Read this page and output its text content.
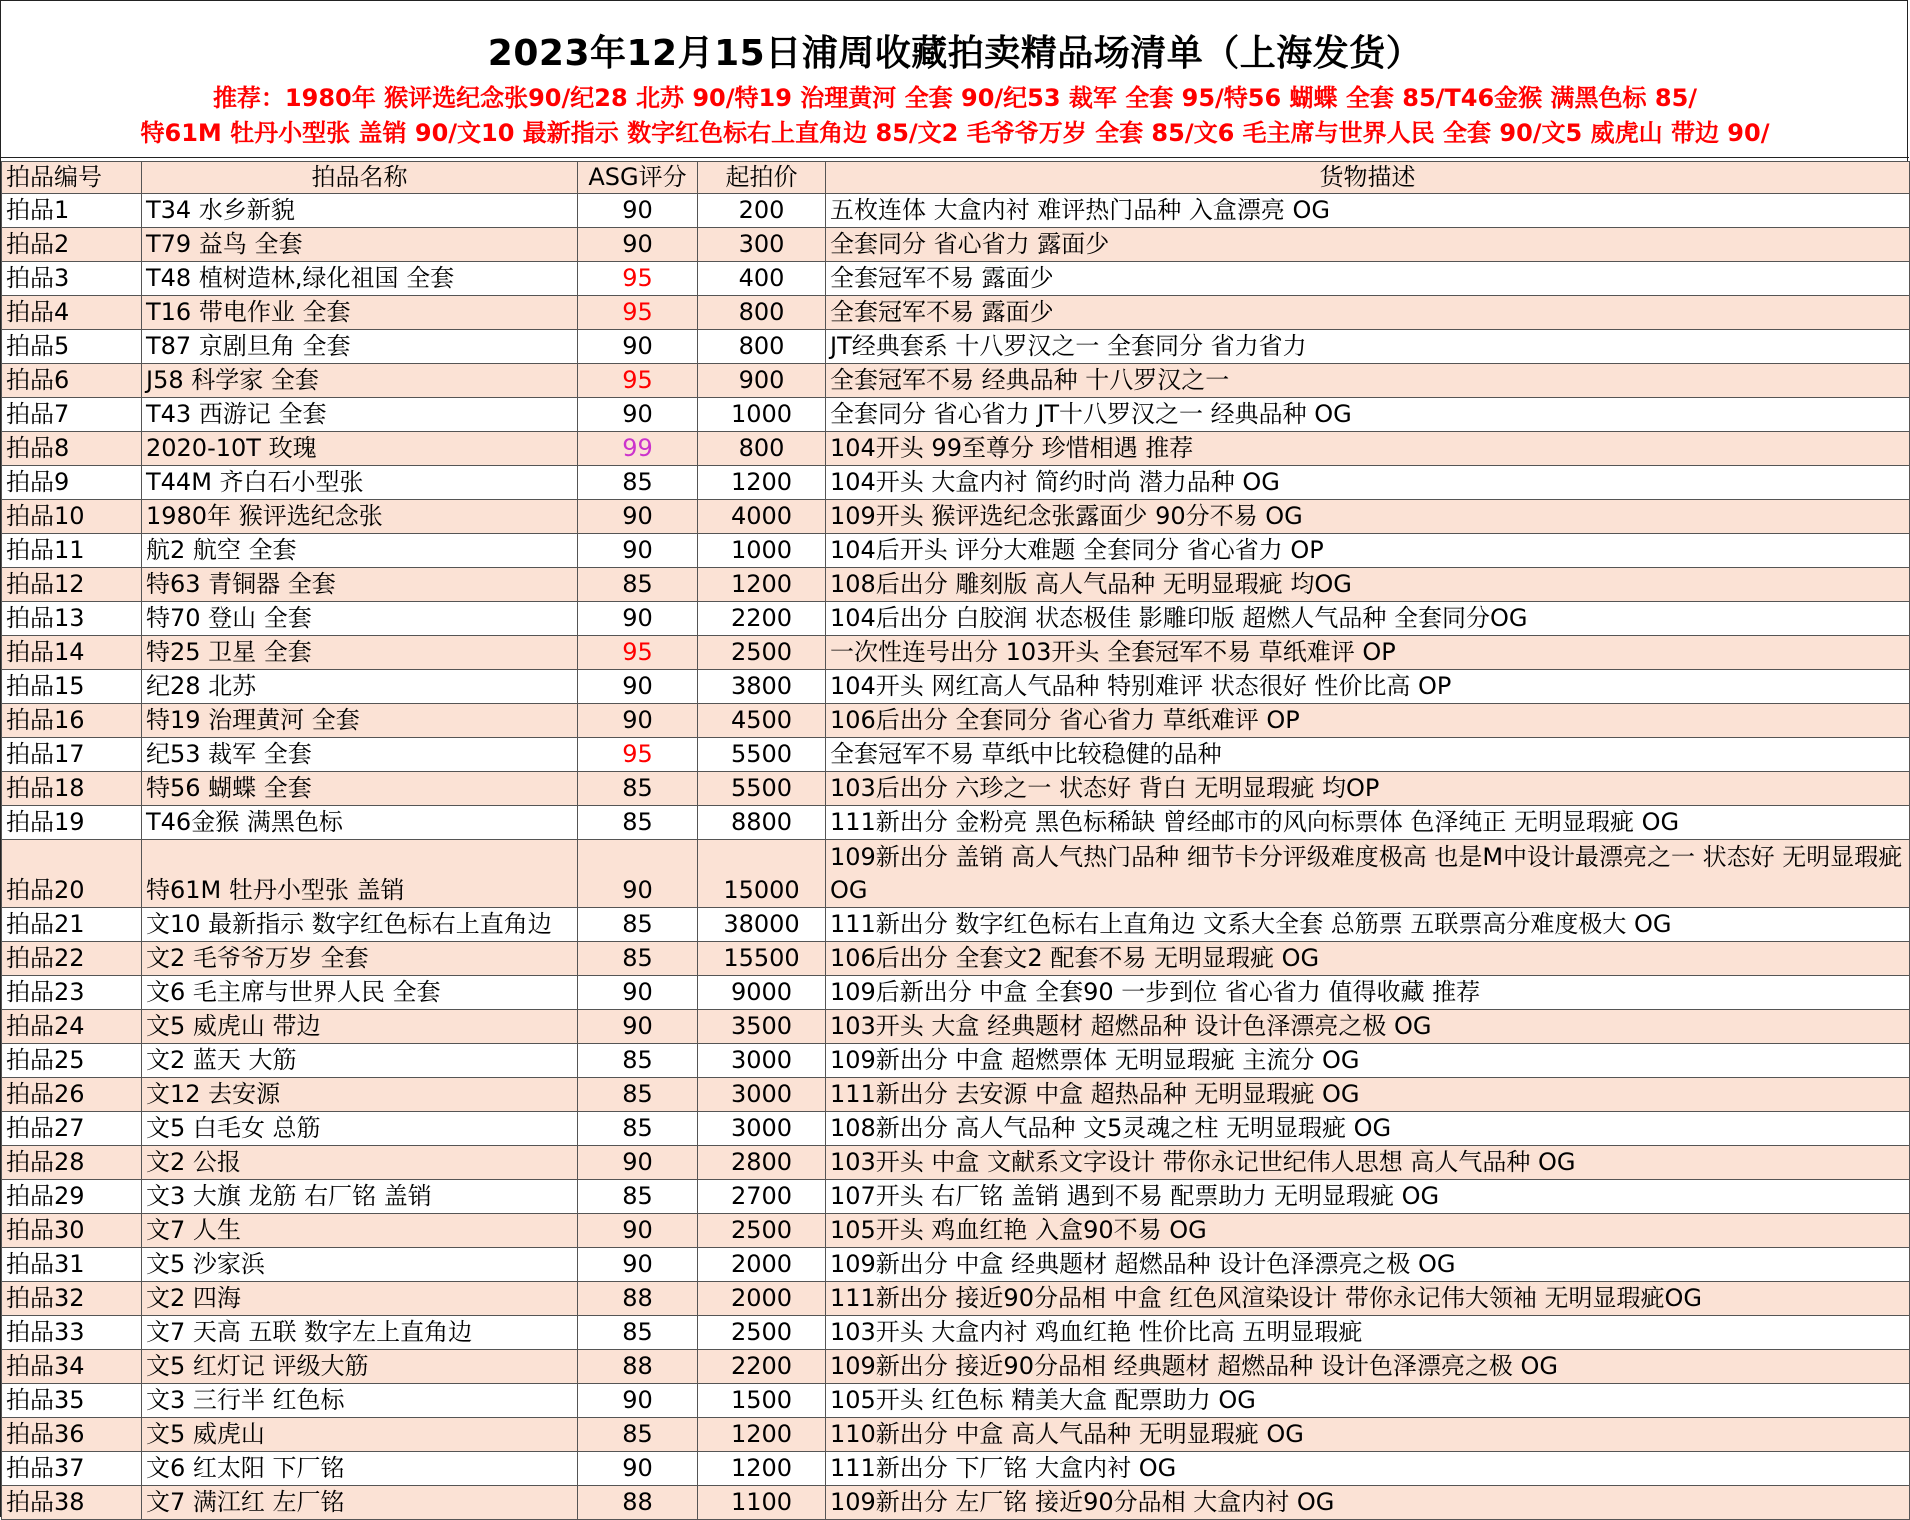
2023年12月15日浦周收藏拍卖精品场清单（上海发货）
推荐：1980年 猴评选纪念张90/纪28 北苏 90/特19 治理黄河 全套 90/纪53 裁军 全套 95/特56 蝴蝶 全套 85/T46金猴 满黑色标 85/
特61M 牡丹小型张 盖销 90/文10 最新指示 数字红色标右上直角边 85/文2 毛爷爷万岁 全套 85/文6 毛主席与世界人民 全套 90/文5 威虎山 带边 90/
拍品编号	拍品名称	ASG评分	起拍价	货物描述
拍品1	T34 水乡新貌	90	200	五枚连体 大盒内衬 难评热门品种 入盒漂亮 OG
拍品2	T79 益鸟 全套	90	300	全套同分 省心省力 露面少
拍品3	T48 植树造林,绿化祖国 全套	95	400	全套冠军不易 露面少
拍品4	T16 带电作业 全套	95	800	全套冠军不易 露面少
拍品5	T87 京剧旦角 全套	90	800	JT经典套系 十八罗汉之一 全套同分 省力省力
拍品6	J58 科学家 全套	95	900	全套冠军不易 经典品种 十八罗汉之一
拍品7	T43 西游记 全套	90	1000	全套同分 省心省力 JT十八罗汉之一 经典品种 OG
拍品8	2020-10T 玫瑰	99	800	104开头 99至尊分 珍惜相遇 推荐
拍品9	T44M 齐白石小型张	85	1200	104开头 大盒内衬 简约时尚 潜力品种 OG
拍品10	1980年 猴评选纪念张	90	4000	109开头 猴评选纪念张露面少 90分不易 OG
拍品11	航2 航空 全套	90	1000	104后开头 评分大难题 全套同分 省心省力 OP
拍品12	特63 青铜器 全套	85	1200	108后出分 雕刻版 高人气品种 无明显瑕疵 均OG
拍品13	特70 登山 全套	90	2200	104后出分 白胶润 状态极佳 影雕印版 超燃人气品种 全套同分OG
拍品14	特25 卫星 全套	95	2500	一次性连号出分 103开头 全套冠军不易 草纸难评 OP
拍品15	纪28 北苏	90	3800	104开头 网红高人气品种 特别难评 状态很好 性价比高 OP
拍品16	特19 治理黄河 全套	90	4500	106后出分 全套同分 省心省力 草纸难评 OP
拍品17	纪53 裁军 全套	95	5500	全套冠军不易 草纸中比较稳健的品种
拍品18	特56 蝴蝶 全套	85	5500	103后出分 六珍之一 状态好 背白 无明显瑕疵 均OP
拍品19	T46金猴 满黑色标	85	8800	111新出分 金粉亮 黑色标稀缺 曾经邮市的风向标票体 色泽纯正 无明显瑕疵 OG
拍品20	特61M 牡丹小型张 盖销	90	15000	109新出分 盖销 高人气热门品种 细节卡分评级难度极高 也是M中设计最漂亮之一 状态好 无明显瑕疵 OG
拍品21	文10 最新指示 数字红色标右上直角边	85	38000	111新出分 数字红色标右上直角边 文系大全套 总筋票 五联票高分难度极大 OG
拍品22	文2 毛爷爷万岁 全套	85	15500	106后出分 全套文2 配套不易 无明显瑕疵 OG
拍品23	文6 毛主席与世界人民 全套	90	9000	109后新出分 中盒 全套90 一步到位 省心省力 值得收藏 推荐
拍品24	文5 威虎山 带边	90	3500	103开头 大盒 经典题材 超燃品种 设计色泽漂亮之极 OG
拍品25	文2 蓝天 大筋	85	3000	109新出分 中盒 超燃票体 无明显瑕疵 主流分 OG
拍品26	文12 去安源	85	3000	111新出分 去安源 中盒 超热品种 无明显瑕疵 OG
拍品27	文5 白毛女 总筋	85	3000	108新出分 高人气品种 文5灵魂之柱 无明显瑕疵 OG
拍品28	文2 公报	90	2800	103开头 中盒 文献系文字设计 带你永记世纪伟人思想 高人气品种 OG
拍品29	文3 大旗 龙筋 右厂铭 盖销	85	2700	107开头 右厂铭 盖销 遇到不易 配票助力 无明显瑕疵 OG
拍品30	文7 人生	90	2500	105开头 鸡血红艳 入盒90不易 OG
拍品31	文5 沙家浜	90	2000	109新出分 中盒 经典题材 超燃品种 设计色泽漂亮之极 OG
拍品32	文2 四海	88	2000	111新出分 接近90分品相 中盒 红色风渲染设计 带你永记伟大领袖 无明显瑕疵OG
拍品33	文7 天高 五联 数字左上直角边	85	2500	103开头 大盒内衬 鸡血红艳 性价比高 五明显瑕疵
拍品34	文5 红灯记 评级大筋	88	2200	109新出分 接近90分品相 经典题材 超燃品种 设计色泽漂亮之极 OG
拍品35	文3 三行半 红色标	90	1500	105开头 红色标 精美大盒 配票助力 OG
拍品36	文5 威虎山	85	1200	110新出分 中盒 高人气品种 无明显瑕疵 OG
拍品37	文6 红太阳 下厂铭	90	1200	111新出分 下厂铭 大盒内衬 OG
拍品38	文7 满江红 左厂铭	88	1100	109新出分 左厂铭 接近90分品相 大盒内衬 OG
